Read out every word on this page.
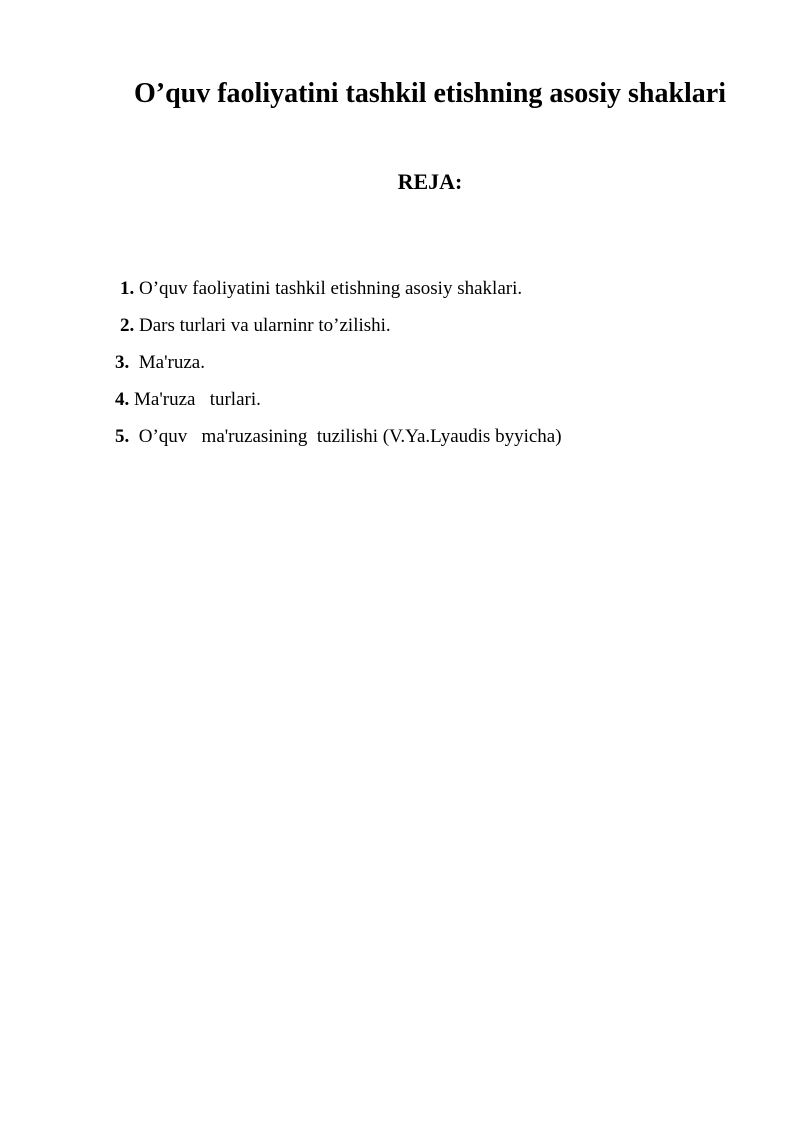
O’quv faoliyatini tashkil etishning asosiy shaklari
REJA:
1. O’quv faoliyatini tashkil etishning asosiy shaklari.
2. Dars turlari va ularninr to’zilishi.
3.  Ma'ruza.
4. Ma'ruza   turlari.
5.  O’quv   ma'ruzasining  tuzilishi (V.Ya.Lyaudis byyicha)
